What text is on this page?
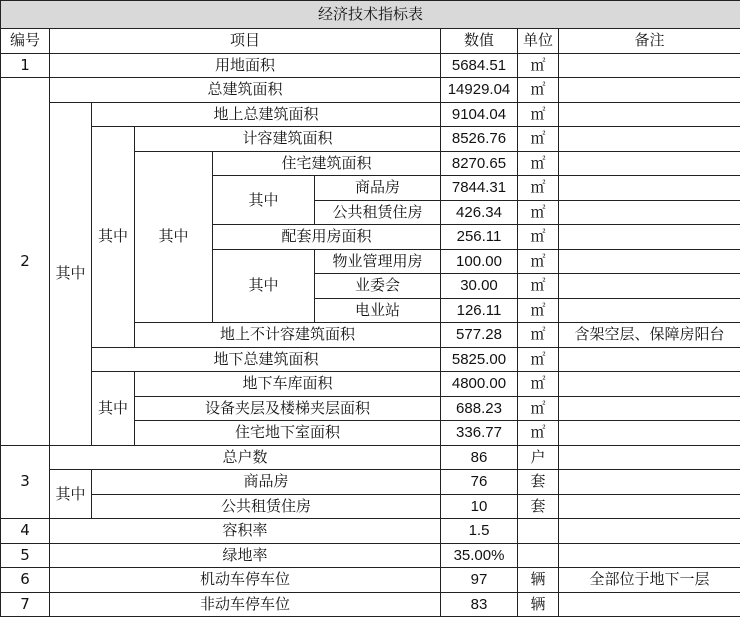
经济技术指标表								
编号	项目					数值	单位	备注
1	用地面积					5684.51	㎡	
2	总建筑面积					14929.04	㎡	
	其中	地上总建筑面积				9104.04	㎡	
		其中	计容建筑面积			8526.76	㎡	
			其中	住宅建筑面积		8270.65	㎡	
				其中	商品房	7844.31	㎡	
					公共租赁住房	426.34	㎡	
				配套用房面积		256.11	㎡	
				其中	物业管理用房	100.00	㎡	
					业委会	30.00	㎡	
					电业站	126.11	㎡	
			地上不计容建筑面积			577.28	㎡	含架空层、保障房阳台
		地下总建筑面积				5825.00	㎡	
		其中	地下车库面积			4800.00	㎡	
			设备夹层及楼梯夹层面积			688.23	㎡	
			住宅地下室面积			336.77	㎡	
3	总户数					86	户	
	其中	商品房				76	套	
		公共租赁住房				10	套	
4	容积率					1.5		
5	绿地率					35.00%		
6	机动车停车位					97	辆	全部位于地下一层
7	非动车停车位					83	辆	
